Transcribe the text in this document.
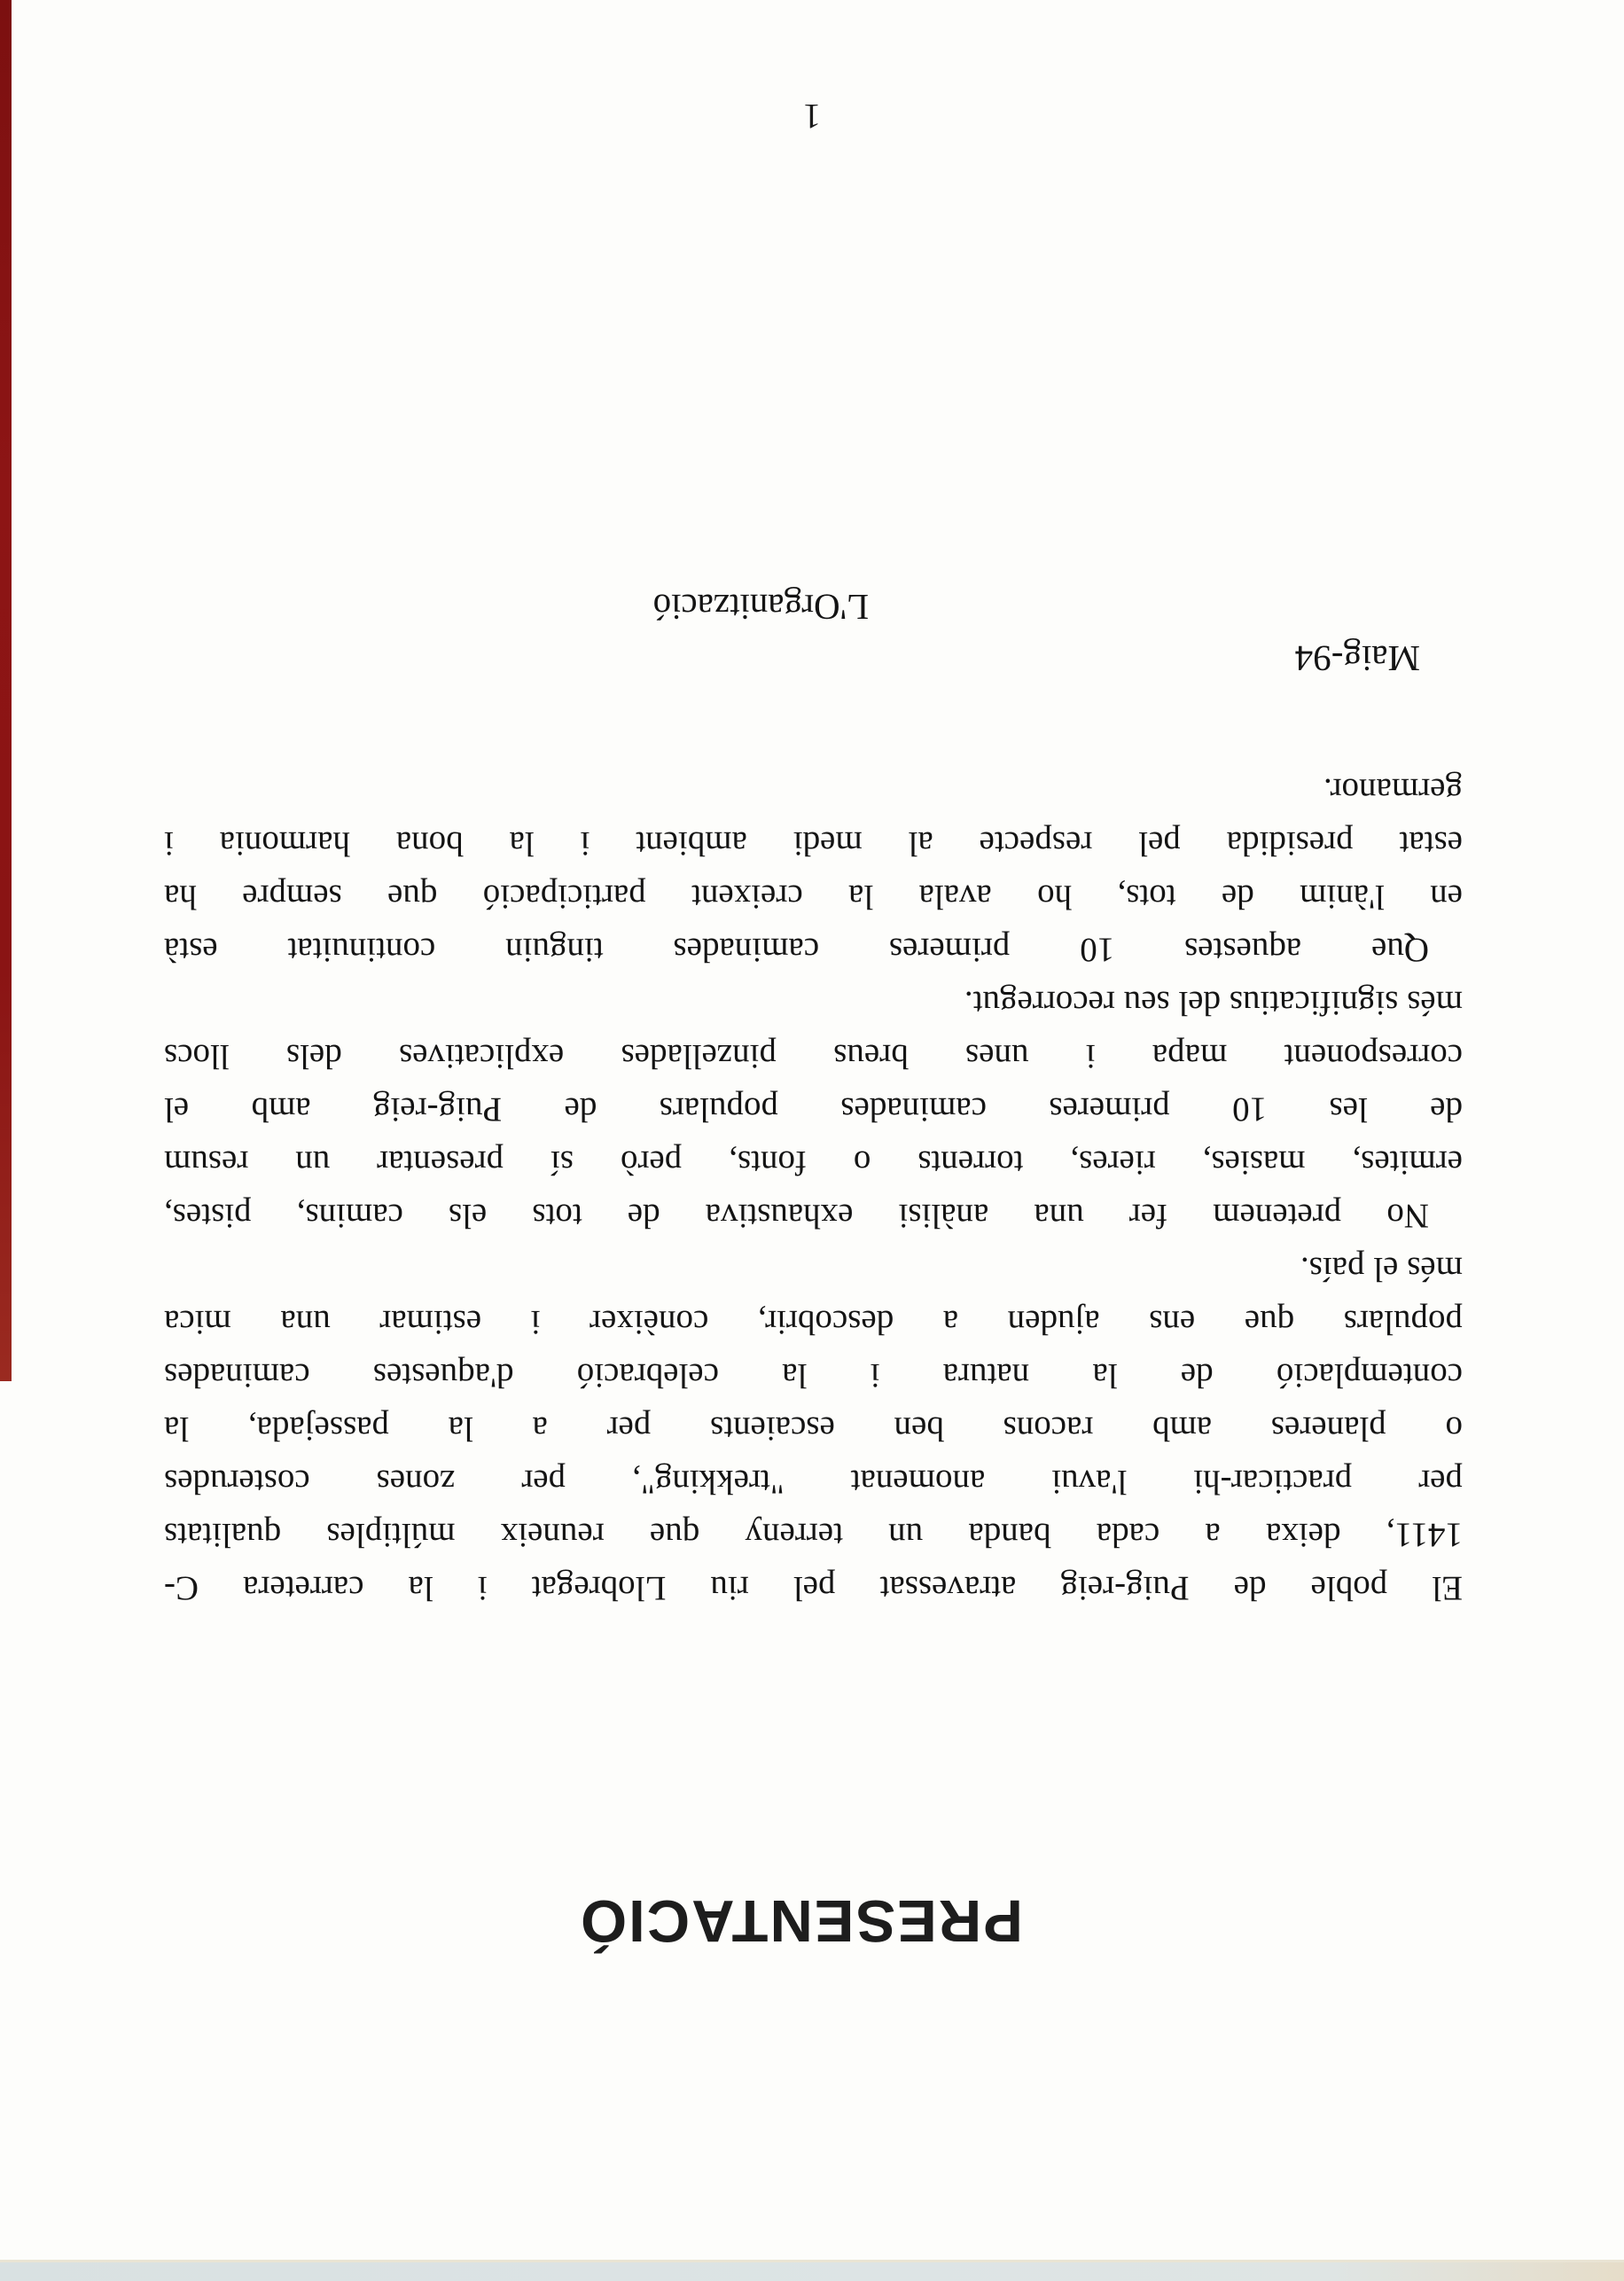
PRESENTACIÓ
El poble de Puig-reig atravessat pel riu Llobregat i la carretera C-
1411, deixa a cada banda un terreny que reuneix múltiples qualitats
per practicar-hi l'avui anomenat "trekking", per zones costerudes
o planeres amb racons ben escaients per a la passejada, la
contemplació de la natura i la celebració d'aquestes caminades
populars que ens ajuden a descobrir, conèixer i estimar una mica
més el país.
No pretenem fer una anàlisi exhaustiva de tots els camins, pistes,
ermites, masies, rieres, torrents o fonts, però sí presentar un resum
de les 10 primeres caminades populars de Puig-reig amb el
corresponent mapa i unes breus pinzellades explicatives dels llocs
més significatius del seu recorregut.
Que aquestes 10 primeres caminades tinguin continuitat està
en l'ànim de tots, ho avala la creixent participació que sempre ha
estat presidida pel respecte al medi ambient i la bona harmonia i
germanor.
Maig-94
L'Organització
1
